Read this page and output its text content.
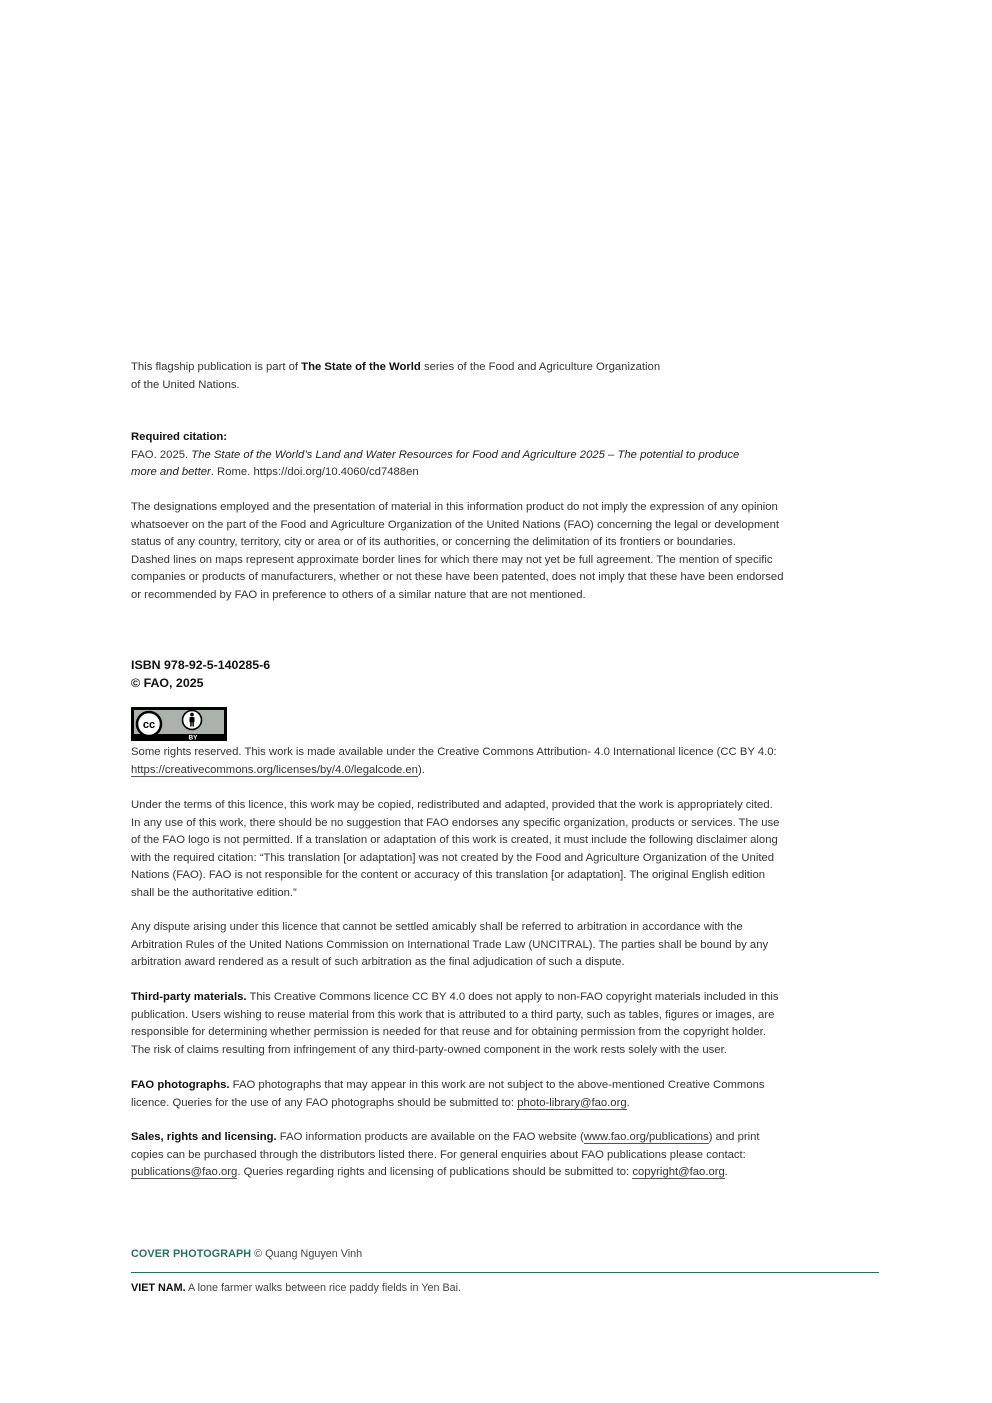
This flagship publication is part of The State of the World series of the Food and Agriculture Organization

of the United Nations.

Required citation:

FAO. 2025. The State of the World’s Land and Water Resources for Food and Agriculture 2025 – The potential to produce

more and better. Rome. https://doi.org/10.4060/cd7488en

The designations employed and the presentation of material in this information product do not imply the expression of any opinion

whatsoever on the part of the Food and Agriculture Organization of the United Nations (FAO) concerning the legal or development

status of any country, territory, city or area or of its authorities, or concerning the delimitation of its frontiers or boundaries.

Dashed lines on maps represent approximate border lines for which there may not yet be full agreement. The mention of specific

companies or products of manufacturers, whether or not these have been patented, does not imply that these have been endorsed

or recommended by FAO in preference to others of a similar nature that are not mentioned.

ISBN 978-92-5-140285-6
© FAO, 2025
cc
BY

Some rights reserved. This work is made available under the Creative Commons Attribution- 4.0 International licence (CC BY 4.0:

https://creativecommons.org/licenses/by/4.0/legalcode.en).

Under the terms of this licence, this work may be copied, redistributed and adapted, provided that the work is appropriately cited.

In any use of this work, there should be no suggestion that FAO endorses any specific organization, products or services. The use

of the FAO logo is not permitted. If a translation or adaptation of this work is created, it must include the following disclaimer along

with the required citation: “This translation [or adaptation] was not created by the Food and Agriculture Organization of the United

Nations (FAO). FAO is not responsible for the content or accuracy of this translation [or adaptation]. The original English edition

shall be the authoritative edition.”

Any dispute arising under this licence that cannot be settled amicably shall be referred to arbitration in accordance with the

Arbitration Rules of the United Nations Commission on International Trade Law (UNCITRAL). The parties shall be bound by any

arbitration award rendered as a result of such arbitration as the final adjudication of such a dispute.

Third-party materials. This Creative Commons licence CC BY 4.0 does not apply to non-FAO copyright materials included in this

publication. Users wishing to reuse material from this work that is attributed to a third party, such as tables, figures or images, are

responsible for determining whether permission is needed for that reuse and for obtaining permission from the copyright holder.

The risk of claims resulting from infringement of any third-party-owned component in the work rests solely with the user.

FAO photographs. FAO photographs that may appear in this work are not subject to the above-mentioned Creative Commons

licence. Queries for the use of any FAO photographs should be submitted to: photo-library@fao.org.

Sales, rights and licensing. FAO information products are available on the FAO website (www.fao.org/publications) and print

copies can be purchased through the distributors listed there. For general enquiries about FAO publications please contact:

publications@fao.org. Queries regarding rights and licensing of publications should be submitted to: copyright@fao.org.

COVER PHOTOGRAPH © Quang Nguyen Vinh
VIET NAM. A lone farmer walks between rice paddy fields in Yen Bai.
